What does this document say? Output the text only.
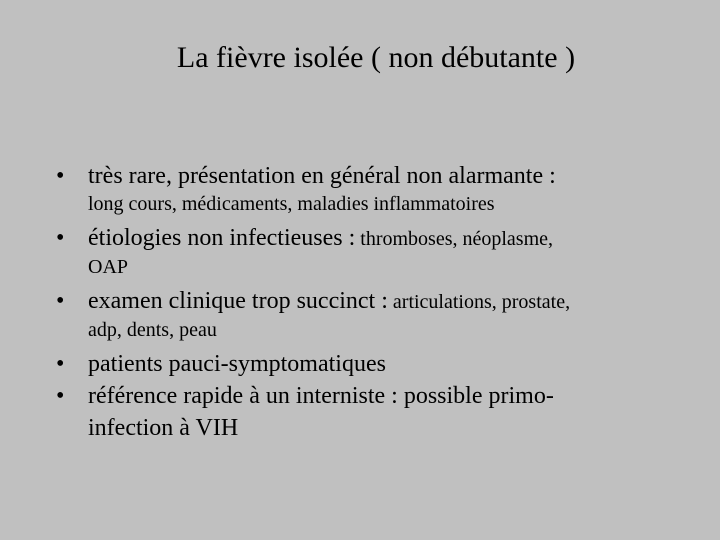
La fièvre isolée ( non débutante )
• très rare, présentation en général non alarmante :
long cours, médicaments, maladies inflammatoires
• étiologies non infectieuses : thromboses, néoplasme,
OAP
• examen clinique trop succinct : articulations, prostate,
adp, dents, peau
• patients pauci-symptomatiques
• référence rapide à un interniste : possible primo-
infection à VIH
